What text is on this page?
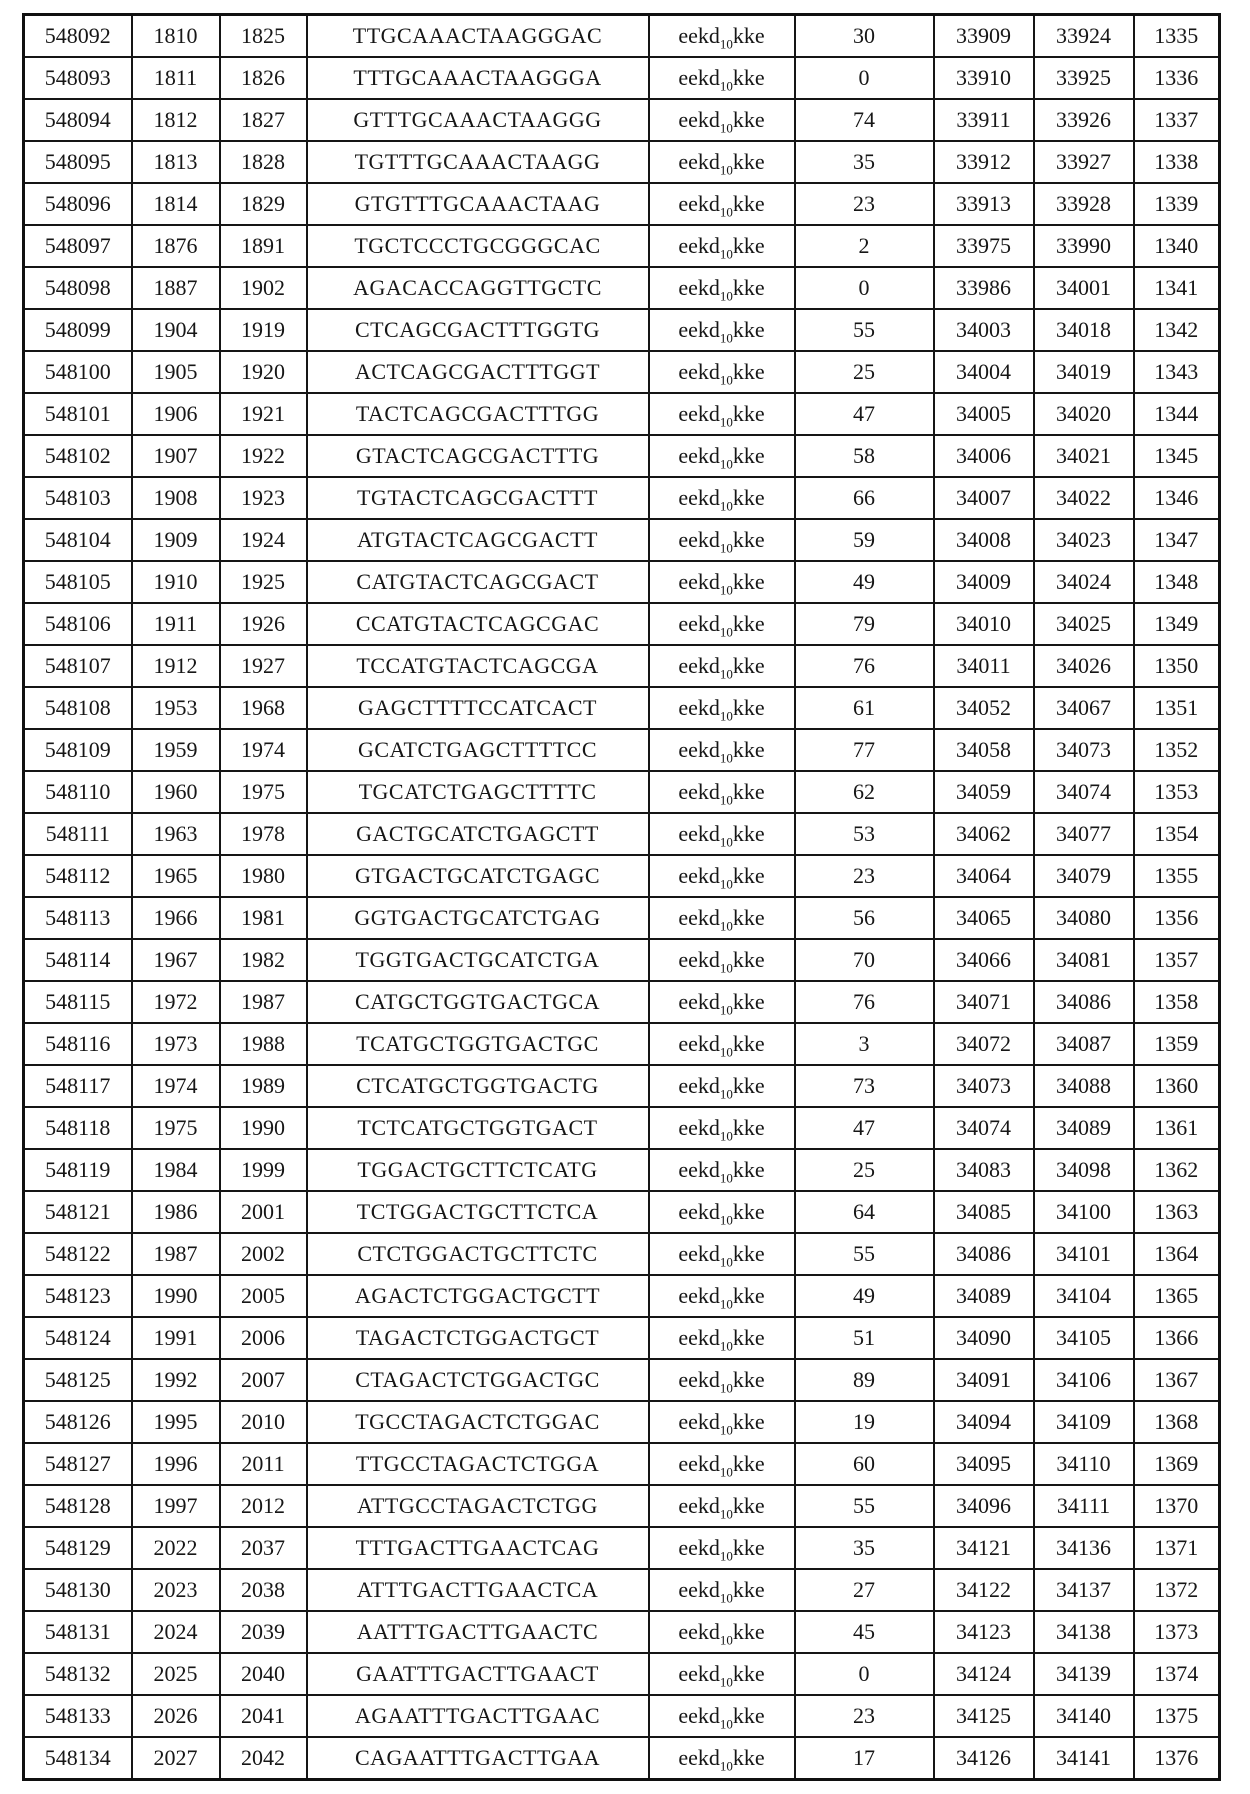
548092	1810	1825	TTGCAAACTAAGGGAC	eekd$_{10}$kke	30	33909	33924	1335
548093	1811	1826	TTTGCAAACTAAGGGA	eekd$_{10}$kke	0	33910	33925	1336
548094	1812	1827	GTTTGCAAACTAAGGG	eekd$_{10}$kke	74	33911	33926	1337
548095	1813	1828	TGTTTGCAAACTAAGG	eekd$_{10}$kke	35	33912	33927	1338
548096	1814	1829	GTGTTTGCAAACTAAG	eekd$_{10}$kke	23	33913	33928	1339
548097	1876	1891	TGCTCCCTGCGGGCAC	eekd$_{10}$kke	2	33975	33990	1340
548098	1887	1902	AGACACCAGGTTGCTC	eekd$_{10}$kke	0	33986	34001	1341
548099	1904	1919	CTCAGCGACTTTGGTG	eekd$_{10}$kke	55	34003	34018	1342
548100	1905	1920	ACTCAGCGACTTTGGT	eekd$_{10}$kke	25	34004	34019	1343
548101	1906	1921	TACTCAGCGACTTTGG	eekd$_{10}$kke	47	34005	34020	1344
548102	1907	1922	GTACTCAGCGACTTTG	eekd$_{10}$kke	58	34006	34021	1345
548103	1908	1923	TGTACTCAGCGACTTT	eekd$_{10}$kke	66	34007	34022	1346
548104	1909	1924	ATGTACTCAGCGACTT	eekd$_{10}$kke	59	34008	34023	1347
548105	1910	1925	CATGTACTCAGCGACT	eekd$_{10}$kke	49	34009	34024	1348
548106	1911	1926	CCATGTACTCAGCGAC	eekd$_{10}$kke	79	34010	34025	1349
548107	1912	1927	TCCATGTACTCAGCGA	eekd$_{10}$kke	76	34011	34026	1350
548108	1953	1968	GAGCTTTTCCATCACT	eekd$_{10}$kke	61	34052	34067	1351
548109	1959	1974	GCATCTGAGCTTTTCC	eekd$_{10}$kke	77	34058	34073	1352
548110	1960	1975	TGCATCTGAGCTTTTC	eekd$_{10}$kke	62	34059	34074	1353
548111	1963	1978	GACTGCATCTGAGCTT	eekd$_{10}$kke	53	34062	34077	1354
548112	1965	1980	GTGACTGCATCTGAGC	eekd$_{10}$kke	23	34064	34079	1355
548113	1966	1981	GGTGACTGCATCTGAG	eekd$_{10}$kke	56	34065	34080	1356
548114	1967	1982	TGGTGACTGCATCTGA	eekd$_{10}$kke	70	34066	34081	1357
548115	1972	1987	CATGCTGGTGACTGCA	eekd$_{10}$kke	76	34071	34086	1358
548116	1973	1988	TCATGCTGGTGACTGC	eekd$_{10}$kke	3	34072	34087	1359
548117	1974	1989	CTCATGCTGGTGACTG	eekd$_{10}$kke	73	34073	34088	1360
548118	1975	1990	TCTCATGCTGGTGACT	eekd$_{10}$kke	47	34074	34089	1361
548119	1984	1999	TGGACTGCTTCTCATG	eekd$_{10}$kke	25	34083	34098	1362
548121	1986	2001	TCTGGACTGCTTCTCA	eekd$_{10}$kke	64	34085	34100	1363
548122	1987	2002	CTCTGGACTGCTTCTC	eekd$_{10}$kke	55	34086	34101	1364
548123	1990	2005	AGACTCTGGACTGCTT	eekd$_{10}$kke	49	34089	34104	1365
548124	1991	2006	TAGACTCTGGACTGCT	eekd$_{10}$kke	51	34090	34105	1366
548125	1992	2007	CTAGACTCTGGACTGC	eekd$_{10}$kke	89	34091	34106	1367
548126	1995	2010	TGCCTAGACTCTGGAC	eekd$_{10}$kke	19	34094	34109	1368
548127	1996	2011	TTGCCTAGACTCTGGA	eekd$_{10}$kke	60	34095	34110	1369
548128	1997	2012	ATTGCCTAGACTCTGG	eekd$_{10}$kke	55	34096	34111	1370
548129	2022	2037	TTTGACTTGAACTCAG	eekd$_{10}$kke	35	34121	34136	1371
548130	2023	2038	ATTTGACTTGAACTCA	eekd$_{10}$kke	27	34122	34137	1372
548131	2024	2039	AATTTGACTTGAACTC	eekd$_{10}$kke	45	34123	34138	1373
548132	2025	2040	GAATTTGACTTGAACT	eekd$_{10}$kke	0	34124	34139	1374
548133	2026	2041	AGAATTTGACTTGAAC	eekd$_{10}$kke	23	34125	34140	1375
548134	2027	2042	CAGAATTTGACTTGAA	eekd$_{10}$kke	17	34126	34141	1376
